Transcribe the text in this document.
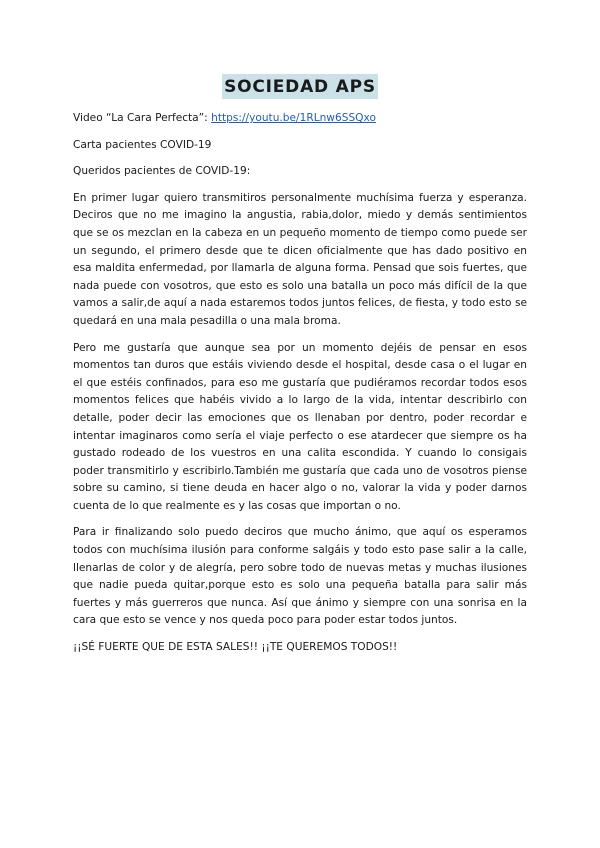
SOCIEDAD APS

Video “La Cara Perfecta”: https://youtu.be/1RLnw6SSQxo

Carta pacientes COVID-19

Queridos pacientes de COVID-19:

En primer lugar quiero transmitiros personalmente muchísima fuerza y esperanza. Deciros que no me imagino la angustia, rabia,dolor, miedo y demás sentimientos que se os mezclan en la cabeza en un pequeño momento de tiempo como puede ser un segundo, el primero desde que te dicen oficialmente que has dado positivo en esa maldita enfermedad, por llamarla de alguna forma. Pensad que sois fuertes, que nada puede con vosotros, que esto es solo una batalla un poco más difícil de la que vamos a salir,de aquí a nada estaremos todos juntos felices, de fiesta, y todo esto se quedará en una mala pesadilla o una mala broma.

Pero me gustaría que aunque sea por un momento dejéis de pensar en esos momentos tan duros que estáis viviendo desde el hospital, desde casa o el lugar en el que estéis confinados, para eso me gustaría que pudiéramos recordar todos esos momentos felices que habéis vivido a lo largo de la vida, intentar describirlo con detalle, poder decir las emociones que os llenaban por dentro, poder recordar e intentar imaginaros como sería el viaje perfecto o ese atardecer que siempre os ha gustado rodeado de los vuestros en una calita escondida. Y cuando lo consigais poder transmitirlo y escribirlo.También me gustaría que cada uno de vosotros piense sobre su camino, si tiene deuda en hacer algo o no, valorar la vida y poder darnos cuenta de lo que realmente es y las cosas que importan o no.

Para ir finalizando solo puedo deciros que mucho ánimo, que aquí os esperamos todos con muchísima ilusión para conforme salgáis y todo esto pase salir a la calle, llenarlas de color y de alegría, pero sobre todo de nuevas metas y muchas ilusiones que nadie pueda quitar,porque esto es solo una pequeña batalla para salir más fuertes y más guerreros que nunca. Así que ánimo y siempre con una sonrisa en la cara que esto se vence y nos queda poco para poder estar todos juntos.

¡¡SÉ FUERTE QUE DE ESTA SALES!! ¡¡TE QUEREMOS TODOS!!
